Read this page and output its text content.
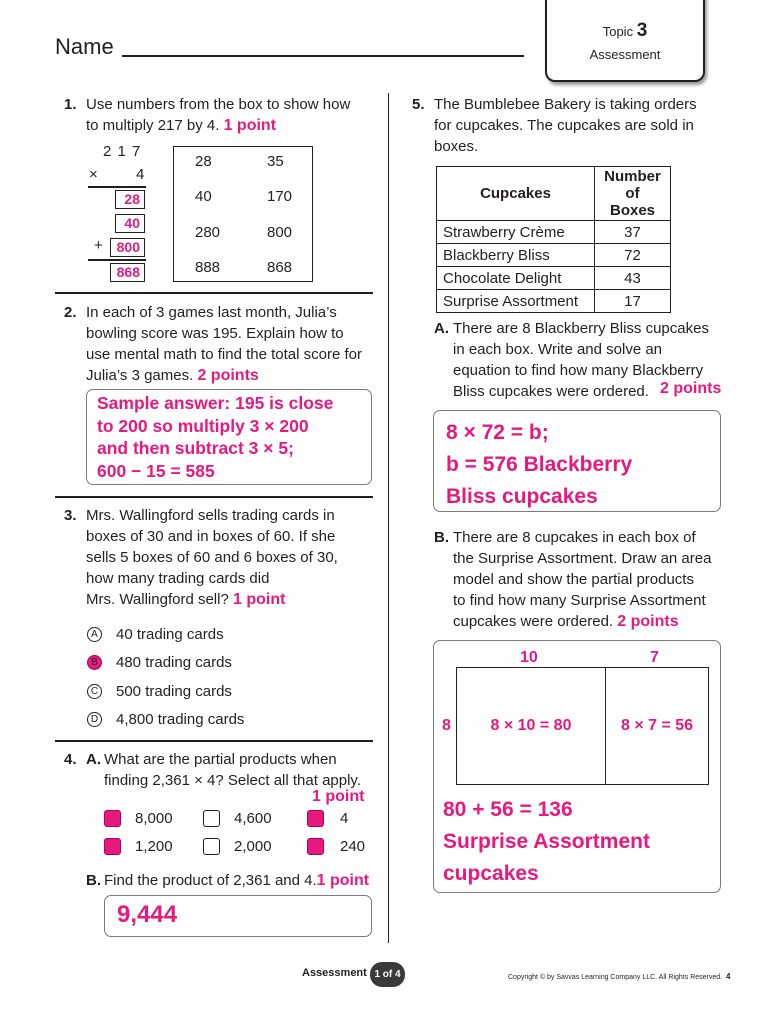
Name
Topic 3
Assessment
1. Use numbers from the box to show how
to multiply 217 by 4. 1 point
2 1 7
×	4
28
40
+ 800
868
28	35
40	170
280	800
888	868
2. In each of 3 games last month, Julia’s
bowling score was 195. Explain how to
use mental math to find the total score for
Julia’s 3 games. 2 points
Sample answer: 195 is close
to 200 so multiply 3 × 200
and then subtract 3 × 5;
600 − 15 = 585
3. Mrs. Wallingford sells trading cards in
boxes of 30 and in boxes of 60. If she
sells 5 boxes of 60 and 6 boxes of 30,
how many trading cards did
Mrs. Wallingford sell? 1 point
A 40 trading cards
B 480 trading cards
C 500 trading cards
D 4,800 trading cards
4. A. What are the partial products when
finding 2,361 × 4? Select all that apply.
1 point
8,000	4,600	4
1,200	2,000	240
B. Find the product of 2,361 and 4.1 point
9,444
5. The Bumblebee Bakery is taking orders
for cupcakes. The cupcakes are sold in
boxes.
Cupcakes	Number
of Boxes

Strawberry Crème	37
Blackberry Bliss	72
Chocolate Delight	43
Surprise Assortment	17
A. There are 8 Blackberry Bliss cupcakes
in each box. Write and solve an
equation to find how many Blackberry
Bliss cupcakes were ordered. 2 points
8 × 72 = b;
b = 576 Blackberry
Bliss cupcakes
B. There are 8 cupcakes in each box of
the Surprise Assortment. Draw an area
model and show the partial products
to find how many Surprise Assortment
cupcakes were ordered. 2 points
10	7
8	8 × 10 = 80	8 × 7 = 56
80 + 56 = 136
Surprise Assortment
cupcakes
Assessment 1 of 4	Copyright © by Savvas Learning Company LLC. All Rights Reserved. 4
